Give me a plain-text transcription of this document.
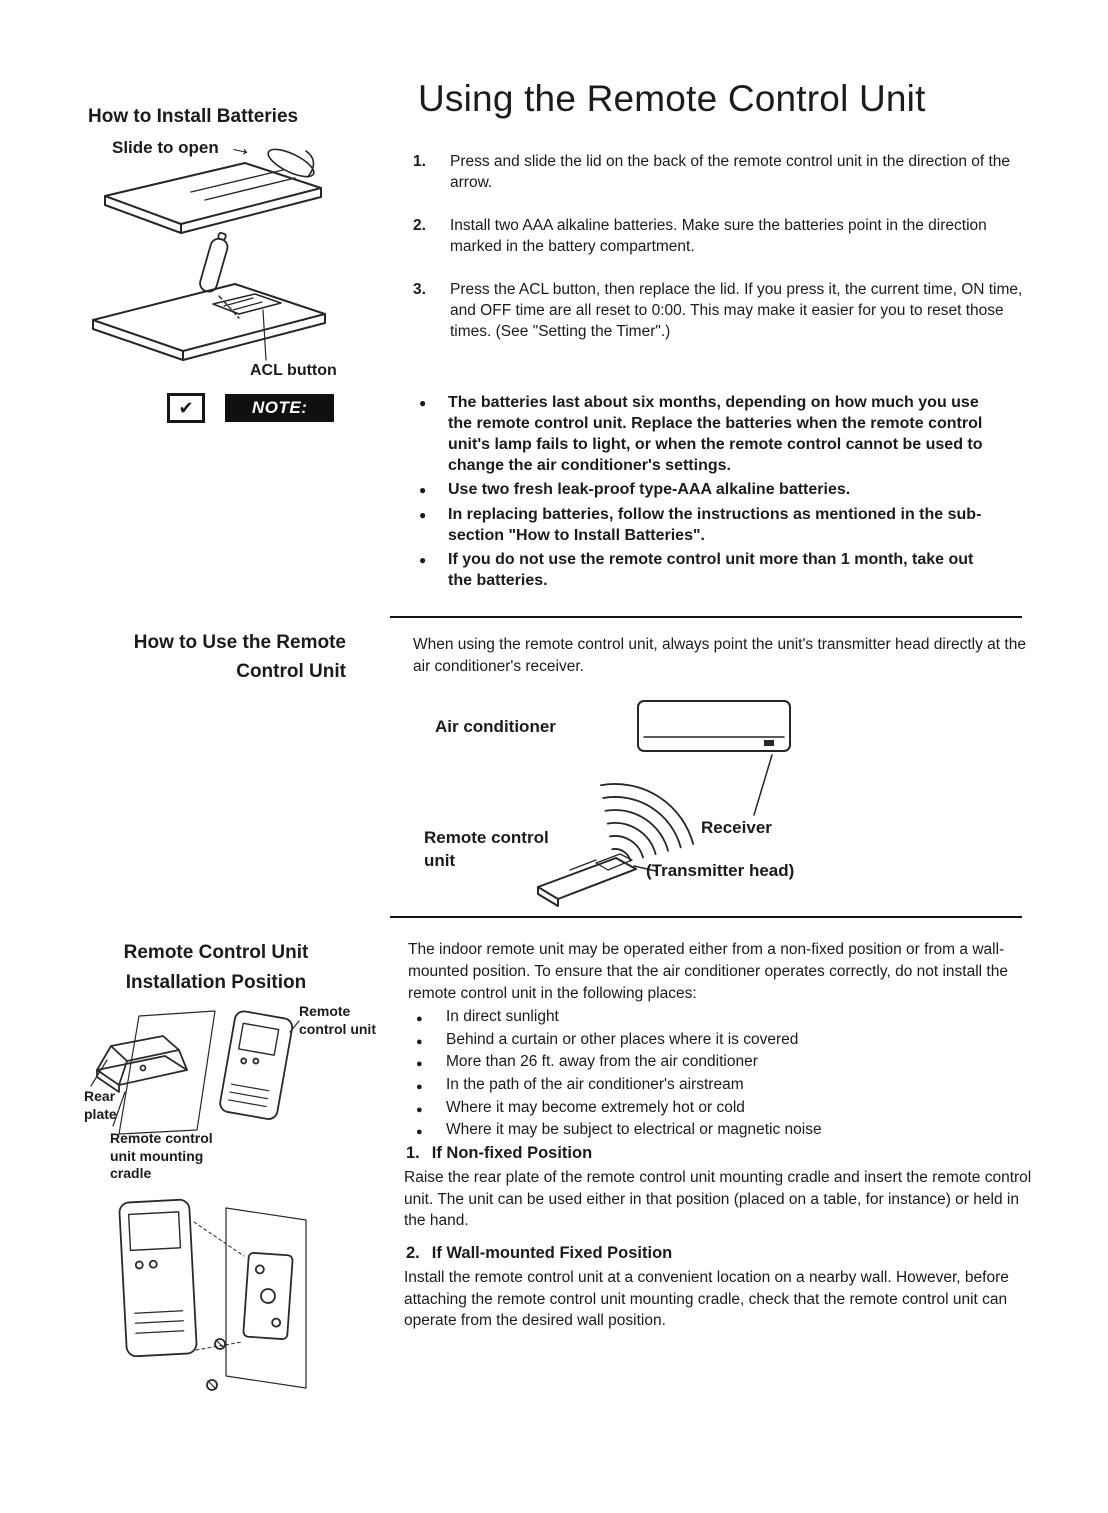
How to Install Batteries
Slide to open →
ACL button
✔	NOTE:
Using the Remote Control Unit
1.	Press and slide the lid on the back of the remote control unit in the direction of the arrow.
2.	Install two AAA alkaline batteries. Make sure the batteries point in the direction marked in the battery compartment.
3.	Press the ACL button, then replace the lid. If you press it, the current time, ON time, and OFF time are all reset to 0:00. This may make it easier for you to reset those times. (See "Setting the Timer".)
●	The batteries last about six months, depending on how much you use the remote control unit. Replace the batteries when the remote control unit's lamp fails to light, or when the remote control cannot be used to change the air conditioner's settings.
●	Use two fresh leak-proof type-AAA alkaline batteries.
●	In replacing batteries, follow the instructions as mentioned in the sub-section "How to Install Batteries".
●	If you do not use the remote control unit more than 1 month, take out the batteries.
How to Use the Remote
Control Unit
When using the remote control unit, always point the unit's transmitter head directly at the air conditioner's receiver.
Air conditioner
Receiver
Remote control unit
(Transmitter head)
Remote Control Unit
Installation Position
Remote control unit
Rear plate
Remote control unit mounting cradle
The indoor remote unit may be operated either from a non-fixed position or from a wall-mounted position. To ensure that the air conditioner operates correctly, do not install the remote control unit in the following places:
●	In direct sunlight
●	Behind a curtain or other places where it is covered
●	More than 26 ft. away from the air conditioner
●	In the path of the air conditioner's airstream
●	Where it may become extremely hot or cold
●	Where it may be subject to electrical or magnetic noise
1. If Non-fixed Position
Raise the rear plate of the remote control unit mounting cradle and insert the remote control unit. The unit can be used either in that position (placed on a table, for instance) or held in the hand.
2. If Wall-mounted Fixed Position
Install the remote control unit at a convenient location on a nearby wall. However, before attaching the remote control unit mounting cradle, check that the remote control unit can operate from the desired wall position.
